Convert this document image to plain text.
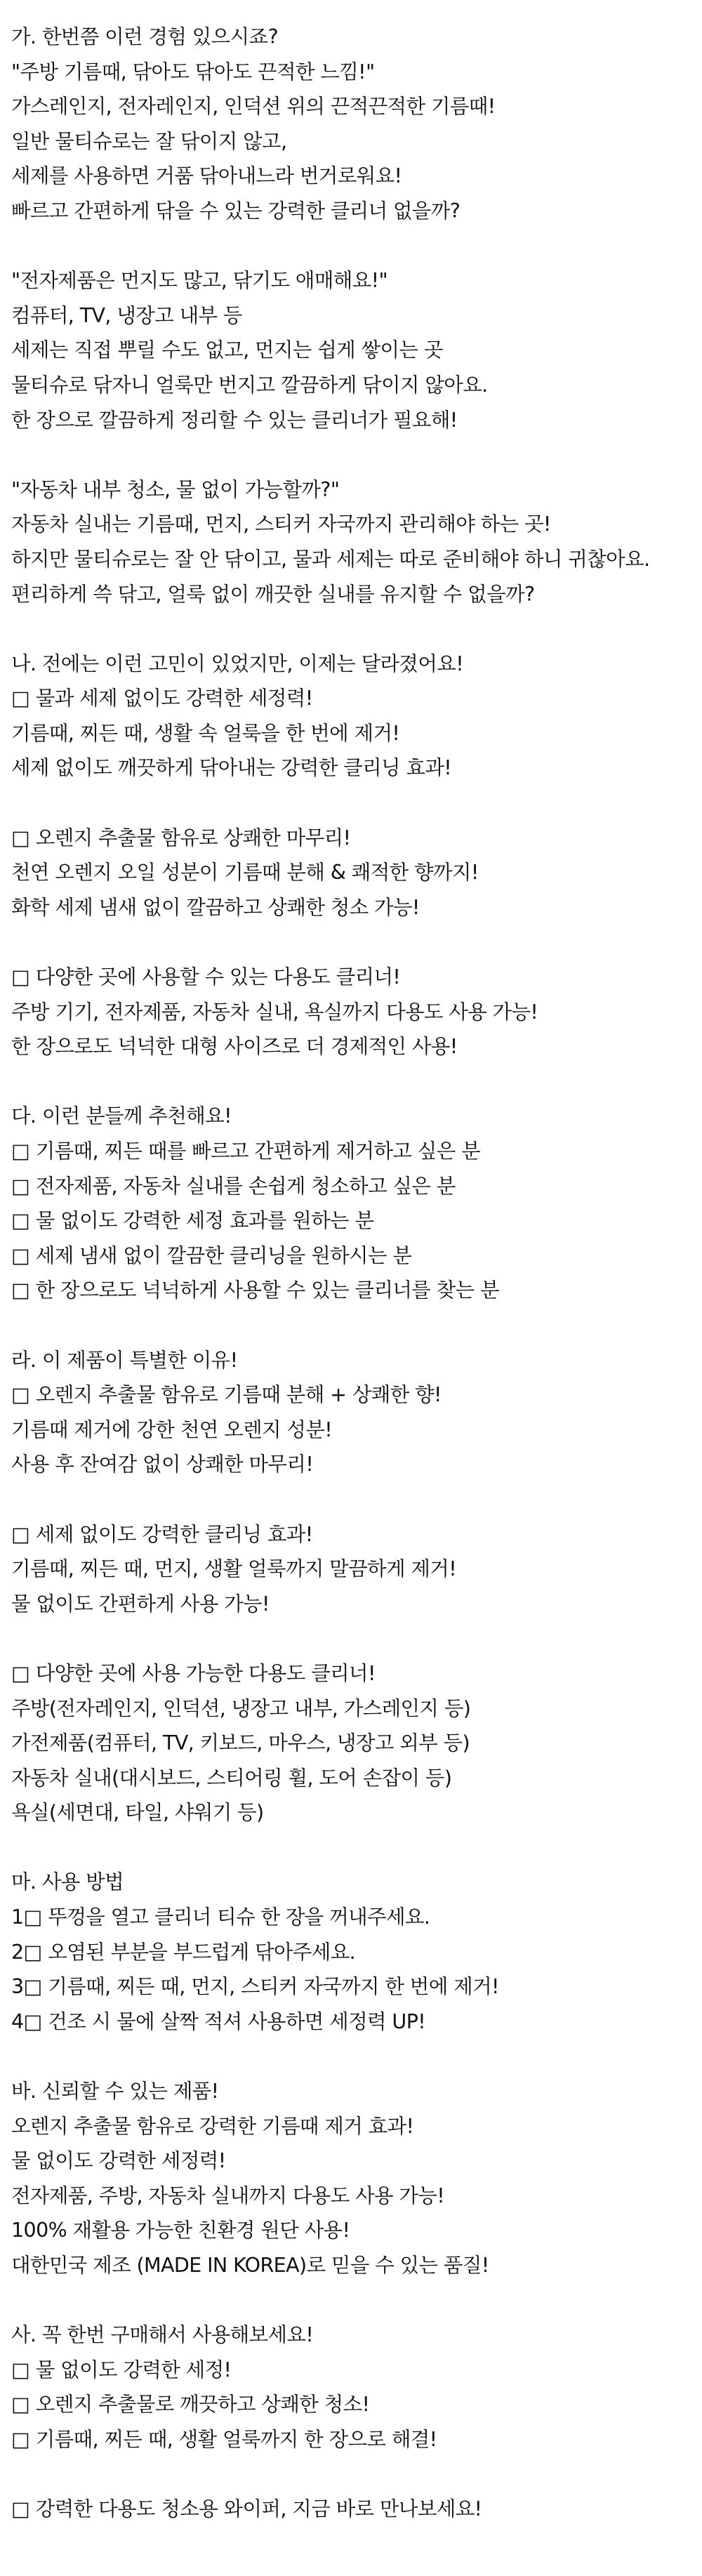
가. 한번쯤 이런 경험 있으시죠?
"주방 기름때, 닦아도 닦아도 끈적한 느낌!"
가스레인지, 전자레인지, 인덕션 위의 끈적끈적한 기름때!
일반 물티슈로는 잘 닦이지 않고,
세제를 사용하면 거품 닦아내느라 번거로워요!
빠르고 간편하게 닦을 수 있는 강력한 클리너 없을까?
"전자제품은 먼지도 많고, 닦기도 애매해요!"
컴퓨터, TV, 냉장고 내부 등
세제는 직접 뿌릴 수도 없고, 먼지는 쉽게 쌓이는 곳
물티슈로 닦자니 얼룩만 번지고 깔끔하게 닦이지 않아요.
한 장으로 깔끔하게 정리할 수 있는 클리너가 필요해!
"자동차 내부 청소, 물 없이 가능할까?"
자동차 실내는 기름때, 먼지, 스티커 자국까지 관리해야 하는 곳!
하지만 물티슈로는 잘 안 닦이고, 물과 세제는 따로 준비해야 하니 귀찮아요.
편리하게 쓱 닦고, 얼룩 없이 깨끗한 실내를 유지할 수 없을까?
나. 전에는 이런 고민이 있었지만, 이제는 달라졌어요!
□ 물과 세제 없이도 강력한 세정력!
기름때, 찌든 때, 생활 속 얼룩을 한 번에 제거!
세제 없이도 깨끗하게 닦아내는 강력한 클리닝 효과!
□ 오렌지 추출물 함유로 상쾌한 마무리!
천연 오렌지 오일 성분이 기름때 분해 & 쾌적한 향까지!
화학 세제 냄새 없이 깔끔하고 상쾌한 청소 가능!
□ 다양한 곳에 사용할 수 있는 다용도 클리너!
주방 기기, 전자제품, 자동차 실내, 욕실까지 다용도 사용 가능!
한 장으로도 넉넉한 대형 사이즈로 더 경제적인 사용!
다. 이런 분들께 추천해요!
□ 기름때, 찌든 때를 빠르고 간편하게 제거하고 싶은 분
□ 전자제품, 자동차 실내를 손쉽게 청소하고 싶은 분
□ 물 없이도 강력한 세정 효과를 원하는 분
□ 세제 냄새 없이 깔끔한 클리닝을 원하시는 분
□ 한 장으로도 넉넉하게 사용할 수 있는 클리너를 찾는 분
라. 이 제품이 특별한 이유!
□ 오렌지 추출물 함유로 기름때 분해 + 상쾌한 향!
기름때 제거에 강한 천연 오렌지 성분!
사용 후 잔여감 없이 상쾌한 마무리!
□ 세제 없이도 강력한 클리닝 효과!
기름때, 찌든 때, 먼지, 생활 얼룩까지 말끔하게 제거!
물 없이도 간편하게 사용 가능!
□ 다양한 곳에 사용 가능한 다용도 클리너!
주방(전자레인지, 인덕션, 냉장고 내부, 가스레인지 등)
가전제품(컴퓨터, TV, 키보드, 마우스, 냉장고 외부 등)
자동차 실내(대시보드, 스티어링 휠, 도어 손잡이 등)
욕실(세면대, 타일, 샤워기 등)
마. 사용 방법
1□ 뚜껑을 열고 클리너 티슈 한 장을 꺼내주세요.
2□ 오염된 부분을 부드럽게 닦아주세요.
3□ 기름때, 찌든 때, 먼지, 스티커 자국까지 한 번에 제거!
4□ 건조 시 물에 살짝 적셔 사용하면 세정력 UP!
바. 신뢰할 수 있는 제품!
오렌지 추출물 함유로 강력한 기름때 제거 효과!
물 없이도 강력한 세정력!
전자제품, 주방, 자동차 실내까지 다용도 사용 가능!
100% 재활용 가능한 친환경 원단 사용!
대한민국 제조 (MADE IN KOREA)로 믿을 수 있는 품질!
사. 꼭 한번 구매해서 사용해보세요!
□ 물 없이도 강력한 세정!
□ 오렌지 추출물로 깨끗하고 상쾌한 청소!
□ 기름때, 찌든 때, 생활 얼룩까지 한 장으로 해결!
□ 강력한 다용도 청소용 와이퍼, 지금 바로 만나보세요!
